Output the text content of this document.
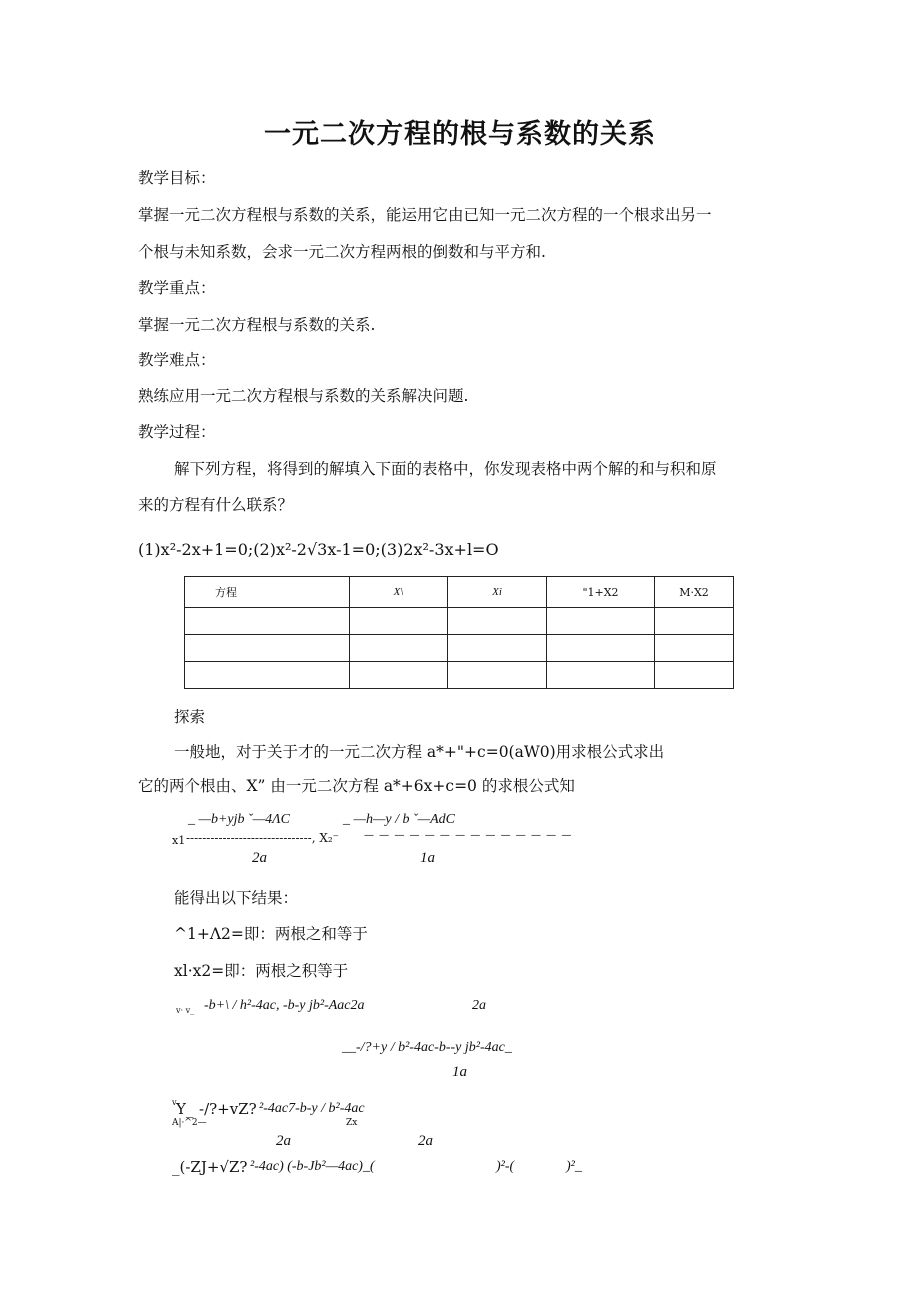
一元二次方程的根与系数的关系
教学目标：
掌握一元二次方程根与系数的关系，能运用它由已知一元二次方程的一个根求出另一
个根与未知系数，会求一元二次方程两根的倒数和与平方和.
教学重点：
掌握一元二次方程根与系数的关系.
教学难点：
熟练应用一元二次方程根与系数的关系解决问题.
教学过程：
解下列方程，将得到的解填入下面的表格中，你发现表格中两个解的和与积和原
来的方程有什么联系？
(1)x²-2x+1=0;(2)x²-2√3x-1=0;(3)2x²-3x+l=O
方程	X\	Xi	"1+X2	M·X2

探索
一般地，对于关于才的一元二次方程 a*+"+c=0(aW0)用求根公式求出
它的两个根由、X” 由一元二次方程 a*+6x+c=0 的求根公式知
_ —b+yjb ˇ—4ΛC	_ —h—y / b ˇ—AdC
x1 -------------------------------, X₂⁻ — — — — — — — — — — — — — —
2a	1a
能得出以下结果：
^1+Λ2=即：两根之和等于
xl·x2=即：两根之积等于
v· v_ -b+\ / h²-4ac, -b-y jb²-Aac2a	2a
__-/?+y / b²-4ac-b--y jb²-4ac_
1a
v Y_ -/?+vZ? ²-4ac7-b-y / b²-4ac
A|·^2—	Zx
2a	2a
_(-ZJ+√Z? ²-4ac) (-b-Jb²—4ac)_(	)²-(	)²_
